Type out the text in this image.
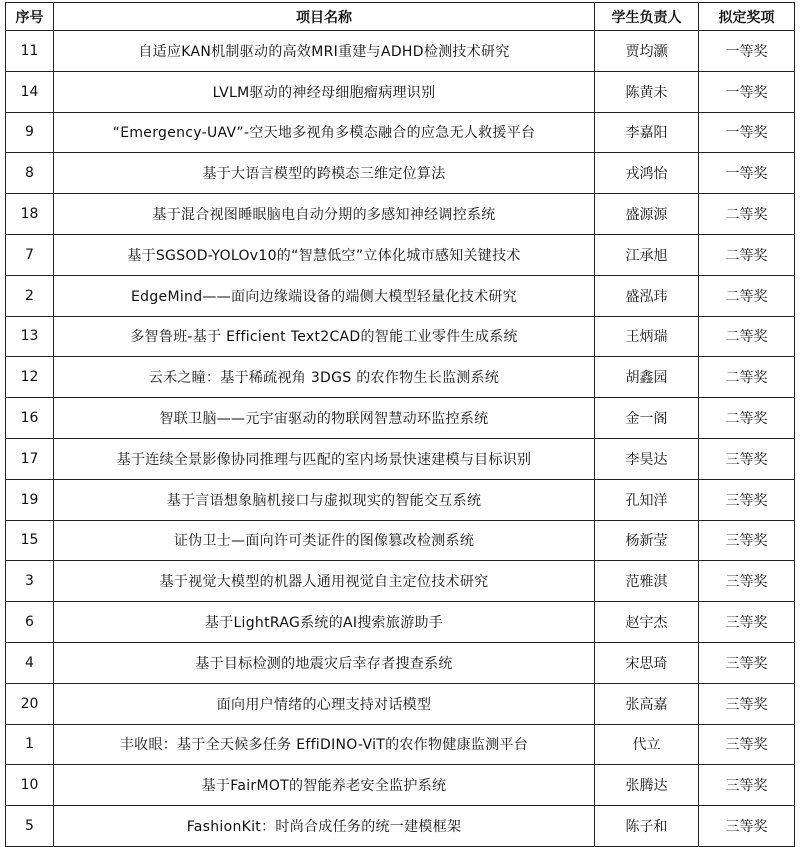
序号	项目名称	学生负责人	拟定奖项
11	自适应KAN机制驱动的高效MRI重建与ADHD检测技术研究	贾均灏	一等奖
14	LVLM驱动的神经母细胞瘤病理识别	陈黄未	一等奖
9	“Emergency-UAV”-空天地多视角多模态融合的应急无人救援平台	李嘉阳	一等奖
8	基于大语言模型的跨模态三维定位算法	戎鸿怡	一等奖
18	基于混合视图睡眠脑电自动分期的多感知神经调控系统	盛源源	二等奖
7	基于SGSOD-YOLOv10的“智慧低空”立体化城市感知关键技术	江承旭	二等奖
2	EdgeMind——面向边缘端设备的端侧大模型轻量化技术研究	盛泓玮	二等奖
13	多智鲁班-基于 Efficient Text2CAD的智能工业零件生成系统	王炳瑞	二等奖
12	云禾之瞳：基于稀疏视角 3DGS 的农作物生长监测系统	胡鑫园	二等奖
16	智联卫脑——元宇宙驱动的物联网智慧动环监控系统	金一阁	二等奖
17	基于连续全景影像协同推理与匹配的室内场景快速建模与目标识别	李昊达	三等奖
19	基于言语想象脑机接口与虚拟现实的智能交互系统	孔知洋	三等奖
15	证伪卫士—面向许可类证件的图像篡改检测系统	杨新莹	三等奖
3	基于视觉大模型的机器人通用视觉自主定位技术研究	范雅淇	三等奖
6	基于LightRAG系统的AI搜索旅游助手	赵宇杰	三等奖
4	基于目标检测的地震灾后幸存者搜查系统	宋思琦	三等奖
20	面向用户情绪的心理支持对话模型	张高嘉	三等奖
1	丰收眼：基于全天候多任务 EffiDINO-ViT的农作物健康监测平台	代立	三等奖
10	基于FairMOT的智能养老安全监护系统	张腾达	三等奖
5	FashionKit：时尚合成任务的统一建模框架	陈子和	三等奖
